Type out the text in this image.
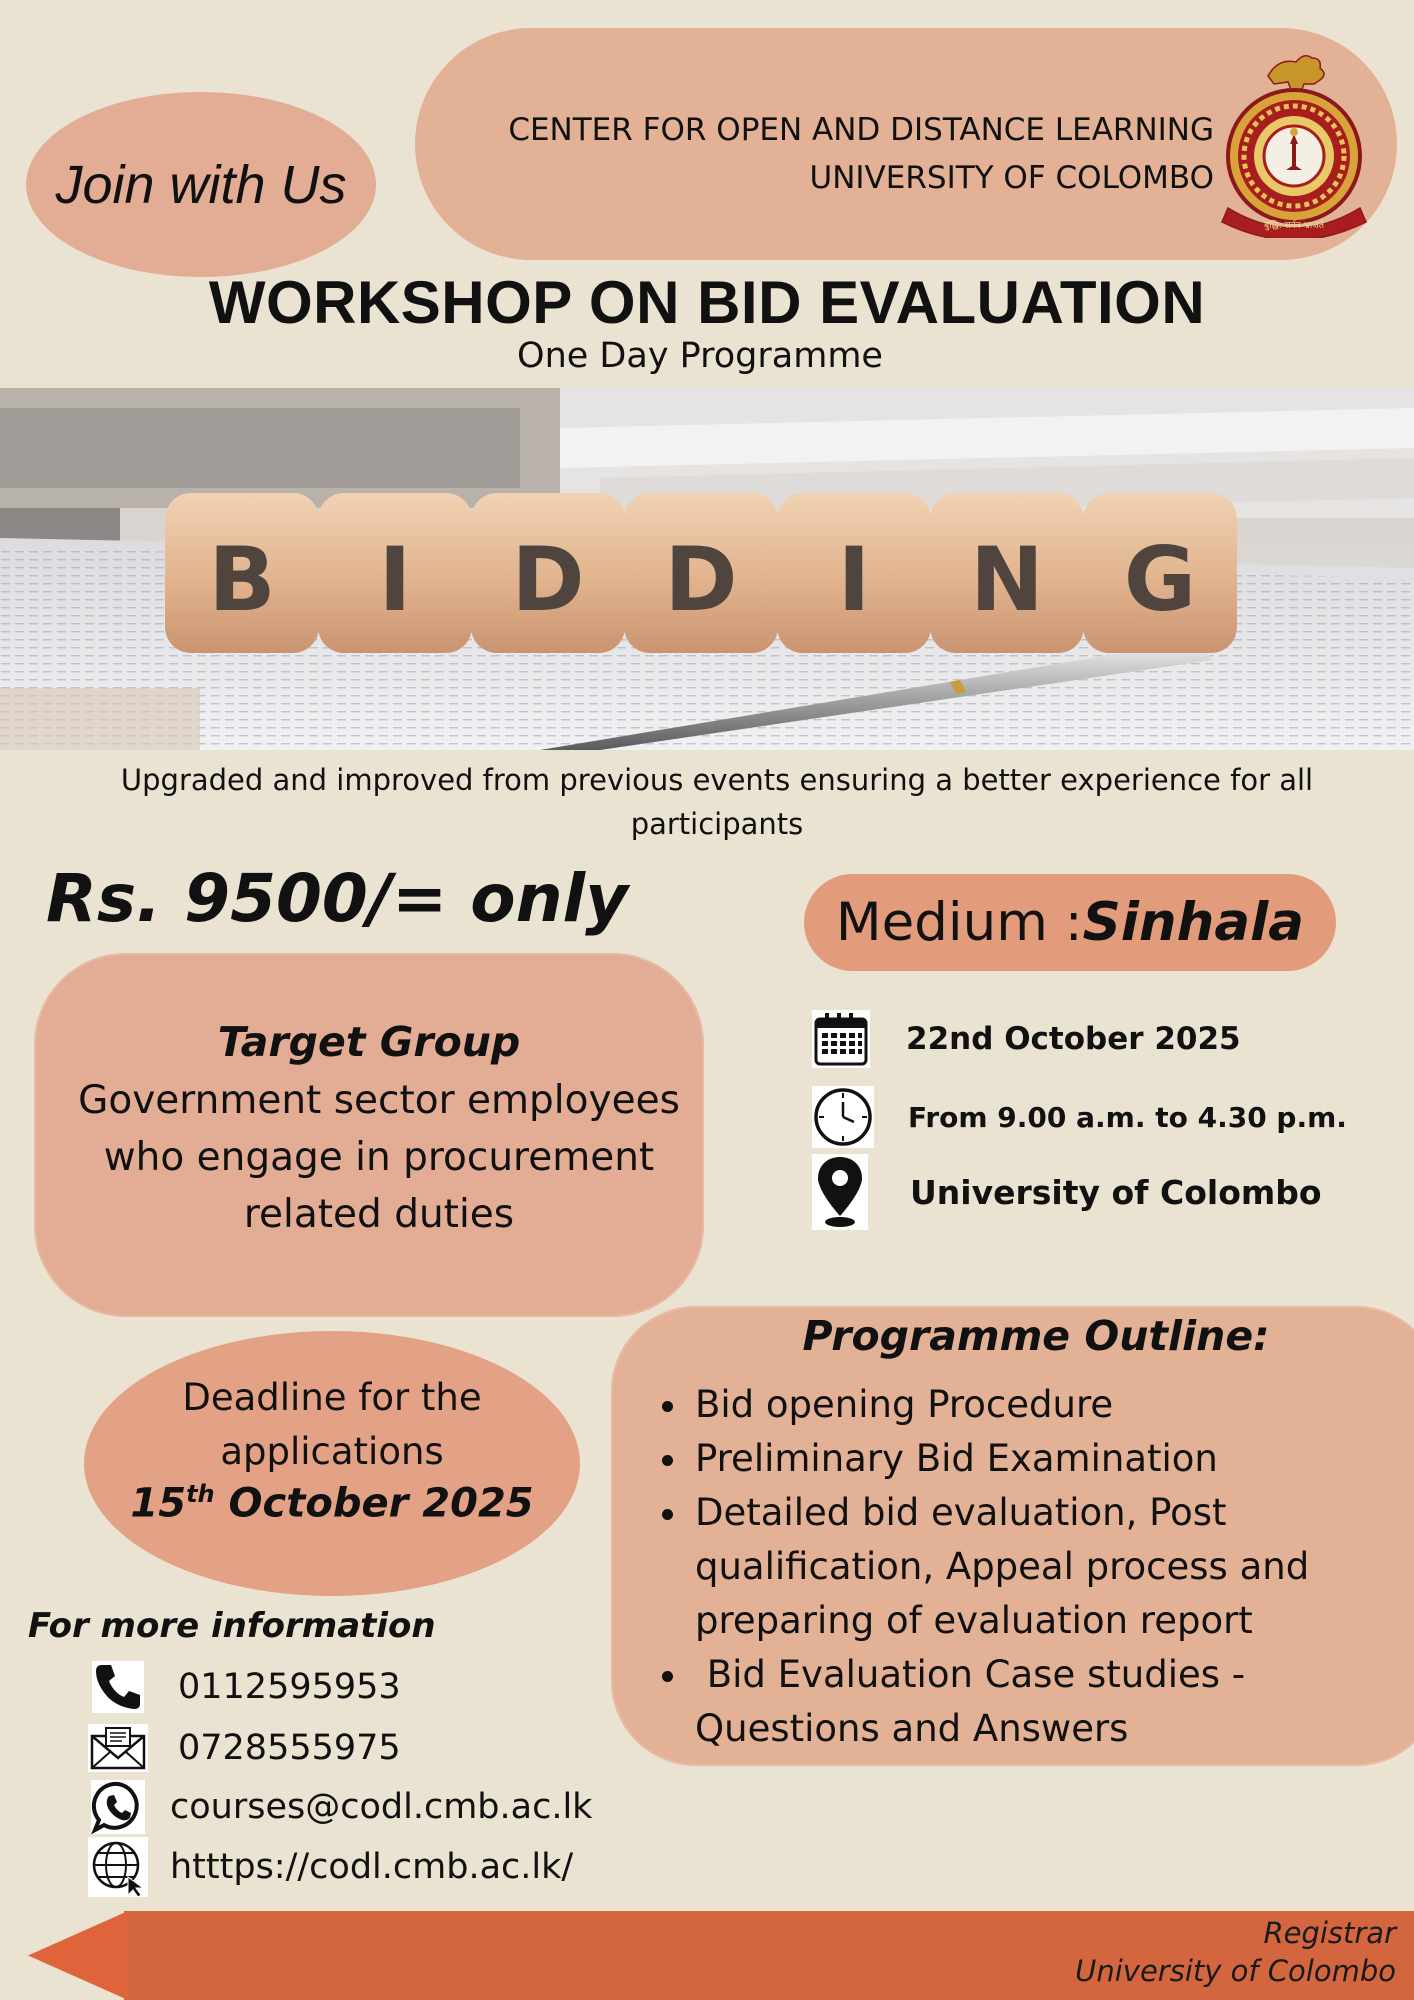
Join with Us
CENTER FOR OPEN AND DISTANCE LEARNING
UNIVERSITY OF COLOMBO
बुद्धि: सर्वत्र भ्राजते
WORKSHOP ON BID EVALUATION
One Day Programme
B I D D I N G
Upgraded and improved from previous events ensuring a better experience for all participants
Rs. 9500/= only	Medium : Sinhala
Target Group
Government sector employees who engage in procurement related duties
22nd October 2025
From 9.00 a.m. to 4.30 p.m.
University of Colombo
Deadline for the applications
15th October 2025
Programme Outline:
• Bid opening Procedure
• Preliminary Bid Examination
• Detailed bid evaluation, Post qualification, Appeal process and preparing of evaluation report
•  Bid Evaluation Case studies - Questions and Answers
For more information
0112595953
0728555975
courses@codl.cmb.ac.lk
htttps://codl.cmb.ac.lk/
Registrar
University of Colombo
